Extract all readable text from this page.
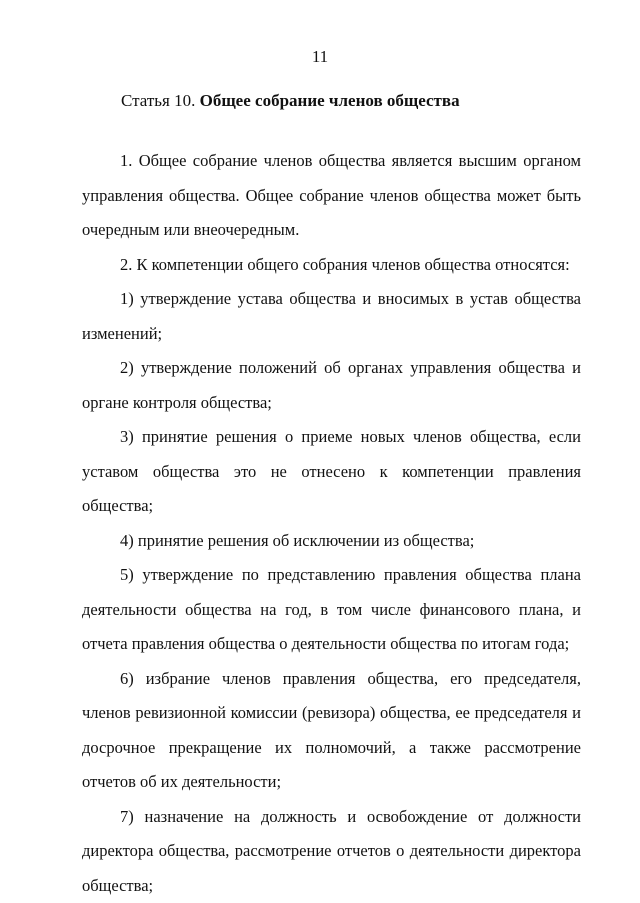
11
Статья 10. Общее собрание членов общества

1. Общее собрание членов общества является высшим органом управления общества. Общее собрание членов общества может быть очередным или внеочередным.

2. К компетенции общего собрания членов общества относятся:

1) утверждение устава общества и вносимых в устав общества изменений;

2) утверждение положений об органах управления общества и органе контроля общества;

3) принятие решения о приеме новых членов общества, если уставом общества это не отнесено к компетенции правления общества;

4) принятие решения об исключении из общества;

5) утверждение по представлению правления общества плана деятельности общества на год, в том числе финансового плана, и отчета правления общества о деятельности общества по итогам года;

6) избрание членов правления общества, его председателя, членов ревизионной комиссии (ревизора) общества, ее председателя и досрочное прекращение их полномочий, а также рассмотрение отчетов об их деятельности;

7) назначение на должность и освобождение от должности директора общества, рассмотрение отчетов о деятельности директора общества;
